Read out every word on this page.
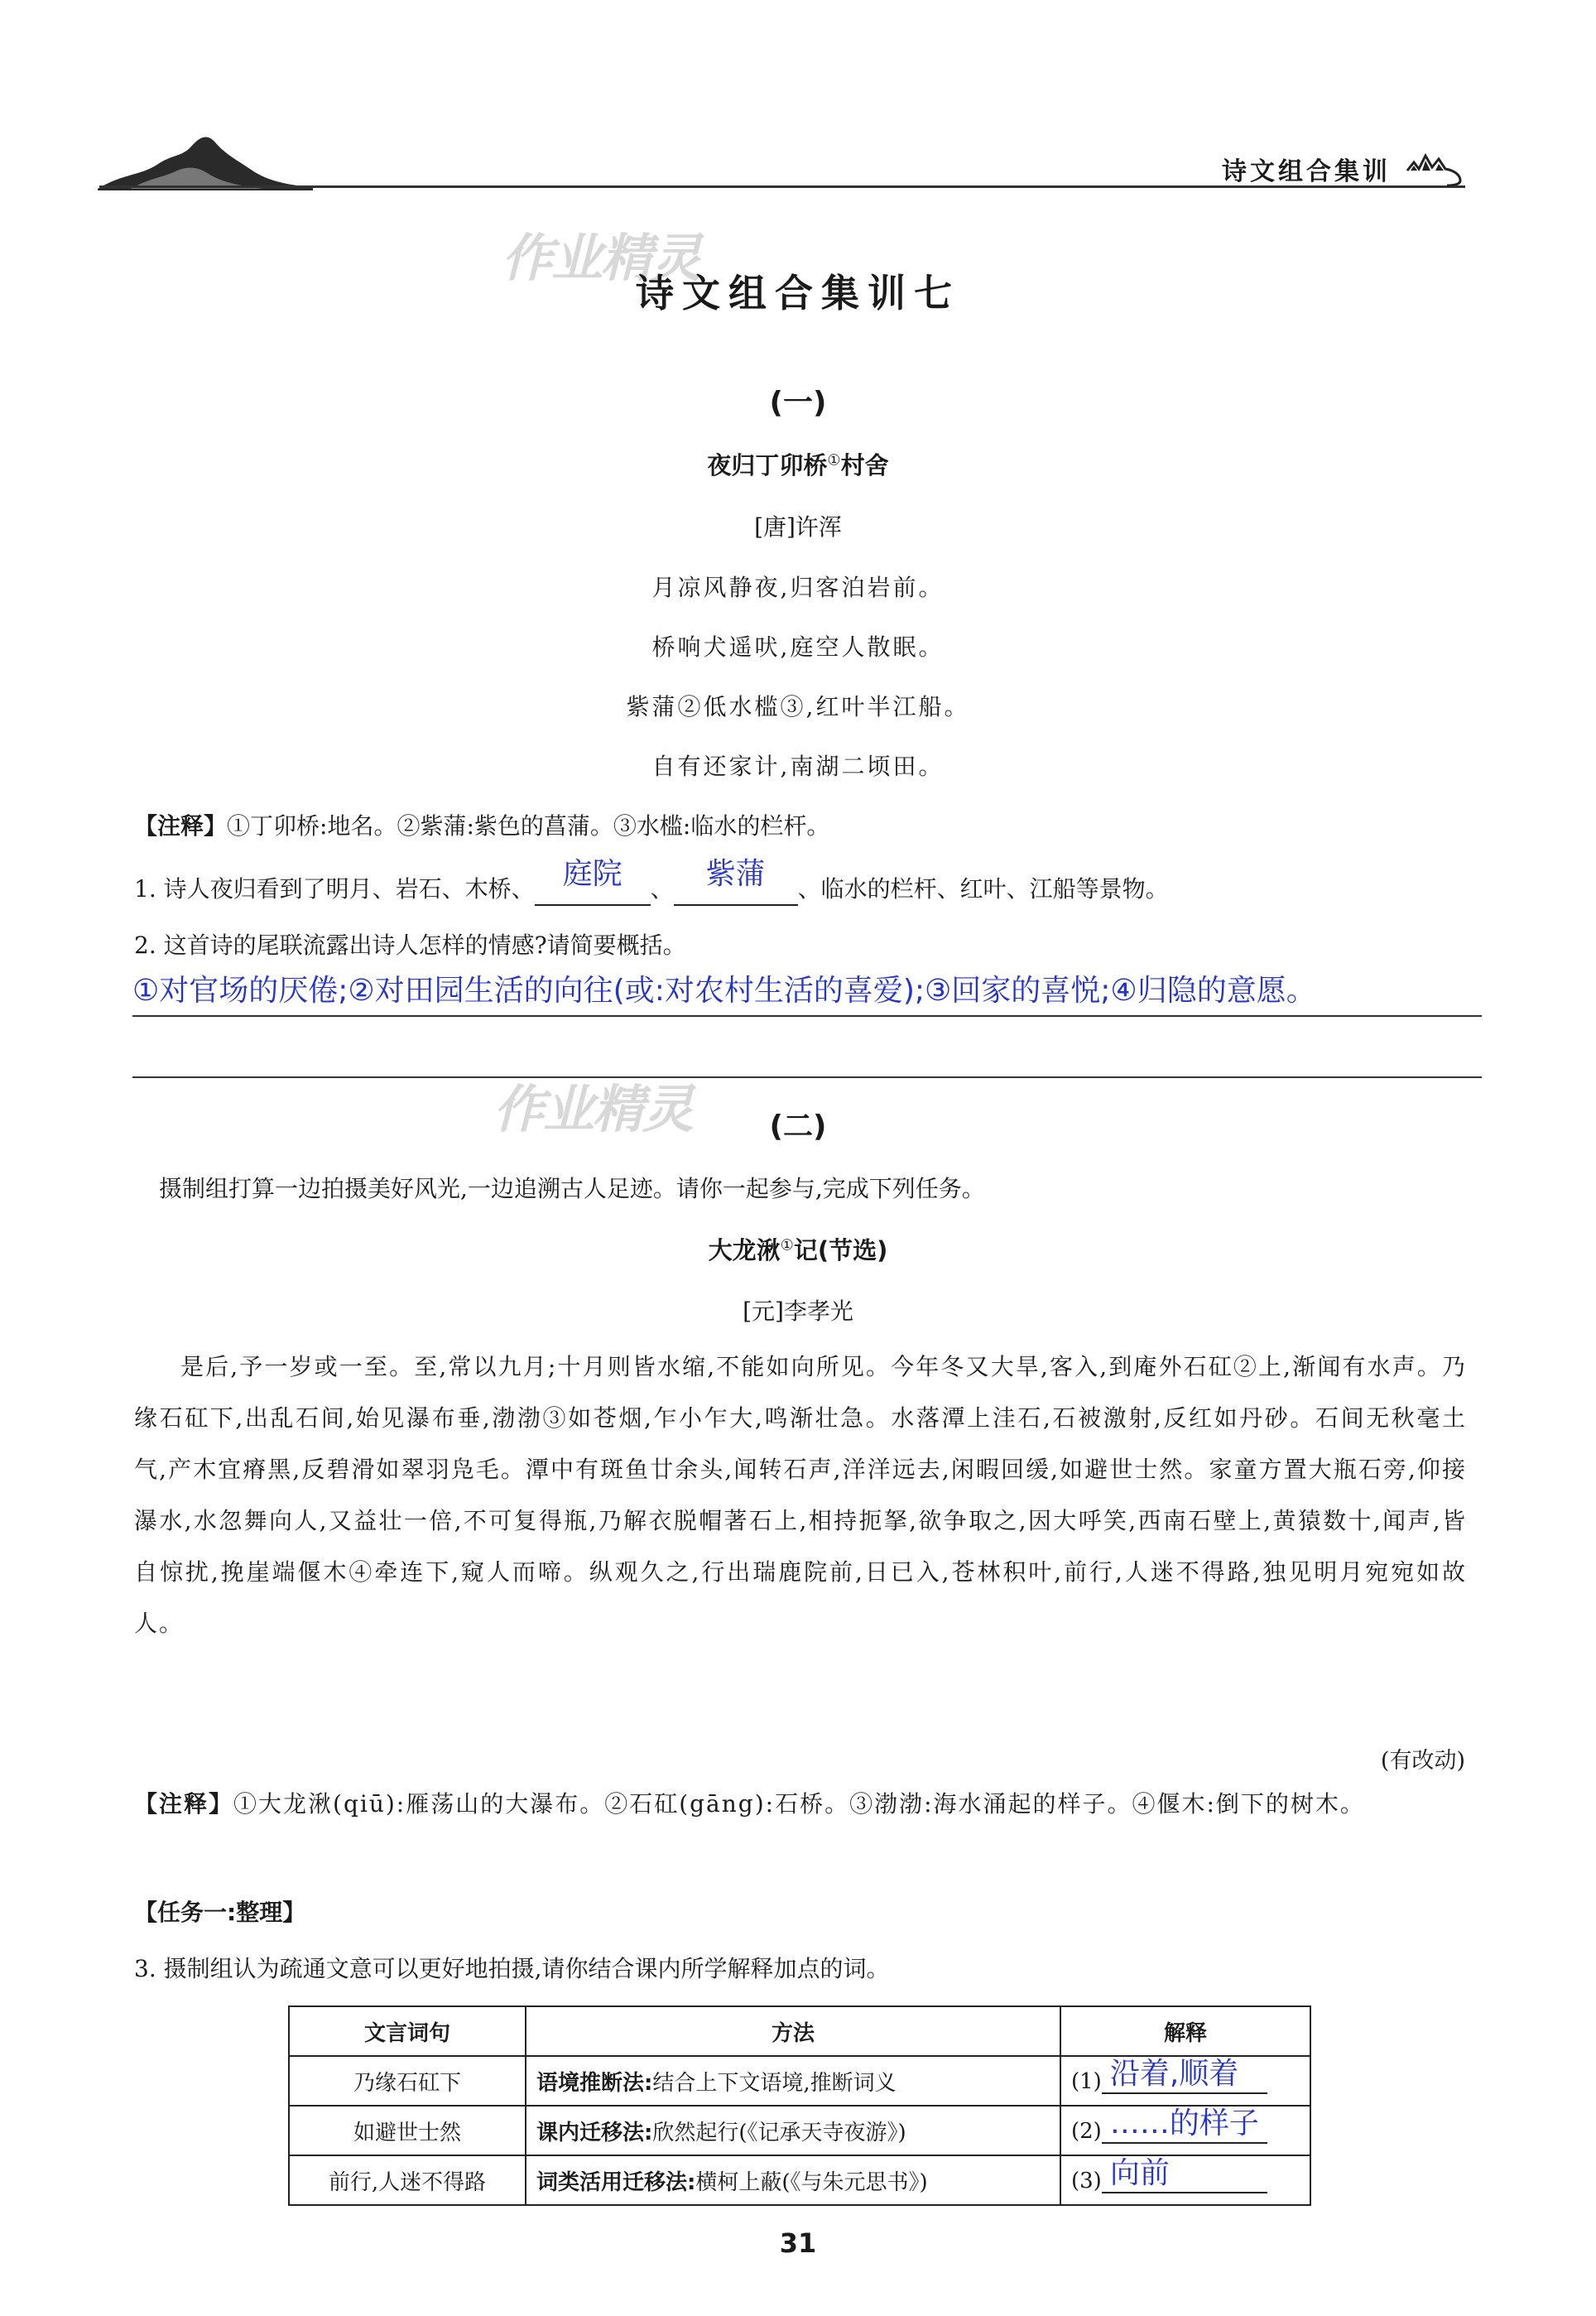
诗文组合集训
作业精灵
作业精灵
诗文组合集训七
(一)
夜归丁卯桥①村舍
[唐]许浑
月凉风静夜,归客泊岩前。
桥响犬遥吠,庭空人散眠。
紫蒲②低水槛③,红叶半江船。
自有还家计,南湖二顷田。
【注释】①丁卯桥:地名。②紫蒲:紫色的菖蒲。③水槛:临水的栏杆。
1. 诗人夜归看到了明月、岩石、木桥、 庭院 、 紫蒲 、临水的栏杆、红叶、江船等景物。
2. 这首诗的尾联流露出诗人怎样的情感?请简要概括。
①对官场的厌倦;②对田园生活的向往(或:对农村生活的喜爱);③回家的喜悦;④归隐的意愿。
(二)
摄制组打算一边拍摄美好风光,一边追溯古人足迹。请你一起参与,完成下列任务。
大龙湫①记(节选)
[元]李孝光

是后,予一岁或一至。至,常以九月;十月则皆水缩,不能如向所见。今年冬又大旱,客入,到庵外石矼②上,渐闻有水声。乃缘石矼下,出乱石间,始见瀑布垂,渤渤③如苍烟,乍小乍大,鸣渐壮急。水落潭上洼石,石被激射,反红如丹砂。石间无秋毫土气,产木宜瘠黑,反碧滑如翠羽凫毛。潭中有斑鱼廿余头,闻转石声,洋洋远去,闲暇回缓,如避世士然。家童方置大瓶石旁,仰接瀑水,水忽舞向人,又益壮一倍,不可复得瓶,乃解衣脱帽著石上,相持扼拏,欲争取之,因大呼笑,西南石壁上,黄猿数十,闻声,皆自惊扰,挽崖端偃木④牵连下,窥人而啼。纵观久之,行出瑞鹿院前,日已入,苍林积叶,前行,人迷不得路,独见明月宛宛如故人。

(有改动)
【注释】①大龙湫(qiū):雁荡山的大瀑布。②石矼(gāng):石桥。③渤渤:海水涌起的样子。④偃木:倒下的树木。
【任务一:整理】
3. 摄制组认为疏通文意可以更好地拍摄,请你结合课内所学解释加点的词。
文言词句	方法	解释
乃缘石矼下	语境推断法:结合上下文语境,推断词义	(1) 沿着,顺着

如避世士然	课内迁移法:欣然起行(《记承天寺夜游》)	(2) ……的样子

前行,人迷不得路	词类活用迁移法:横柯上蔽(《与朱元思书》)	(3) 向前
31
